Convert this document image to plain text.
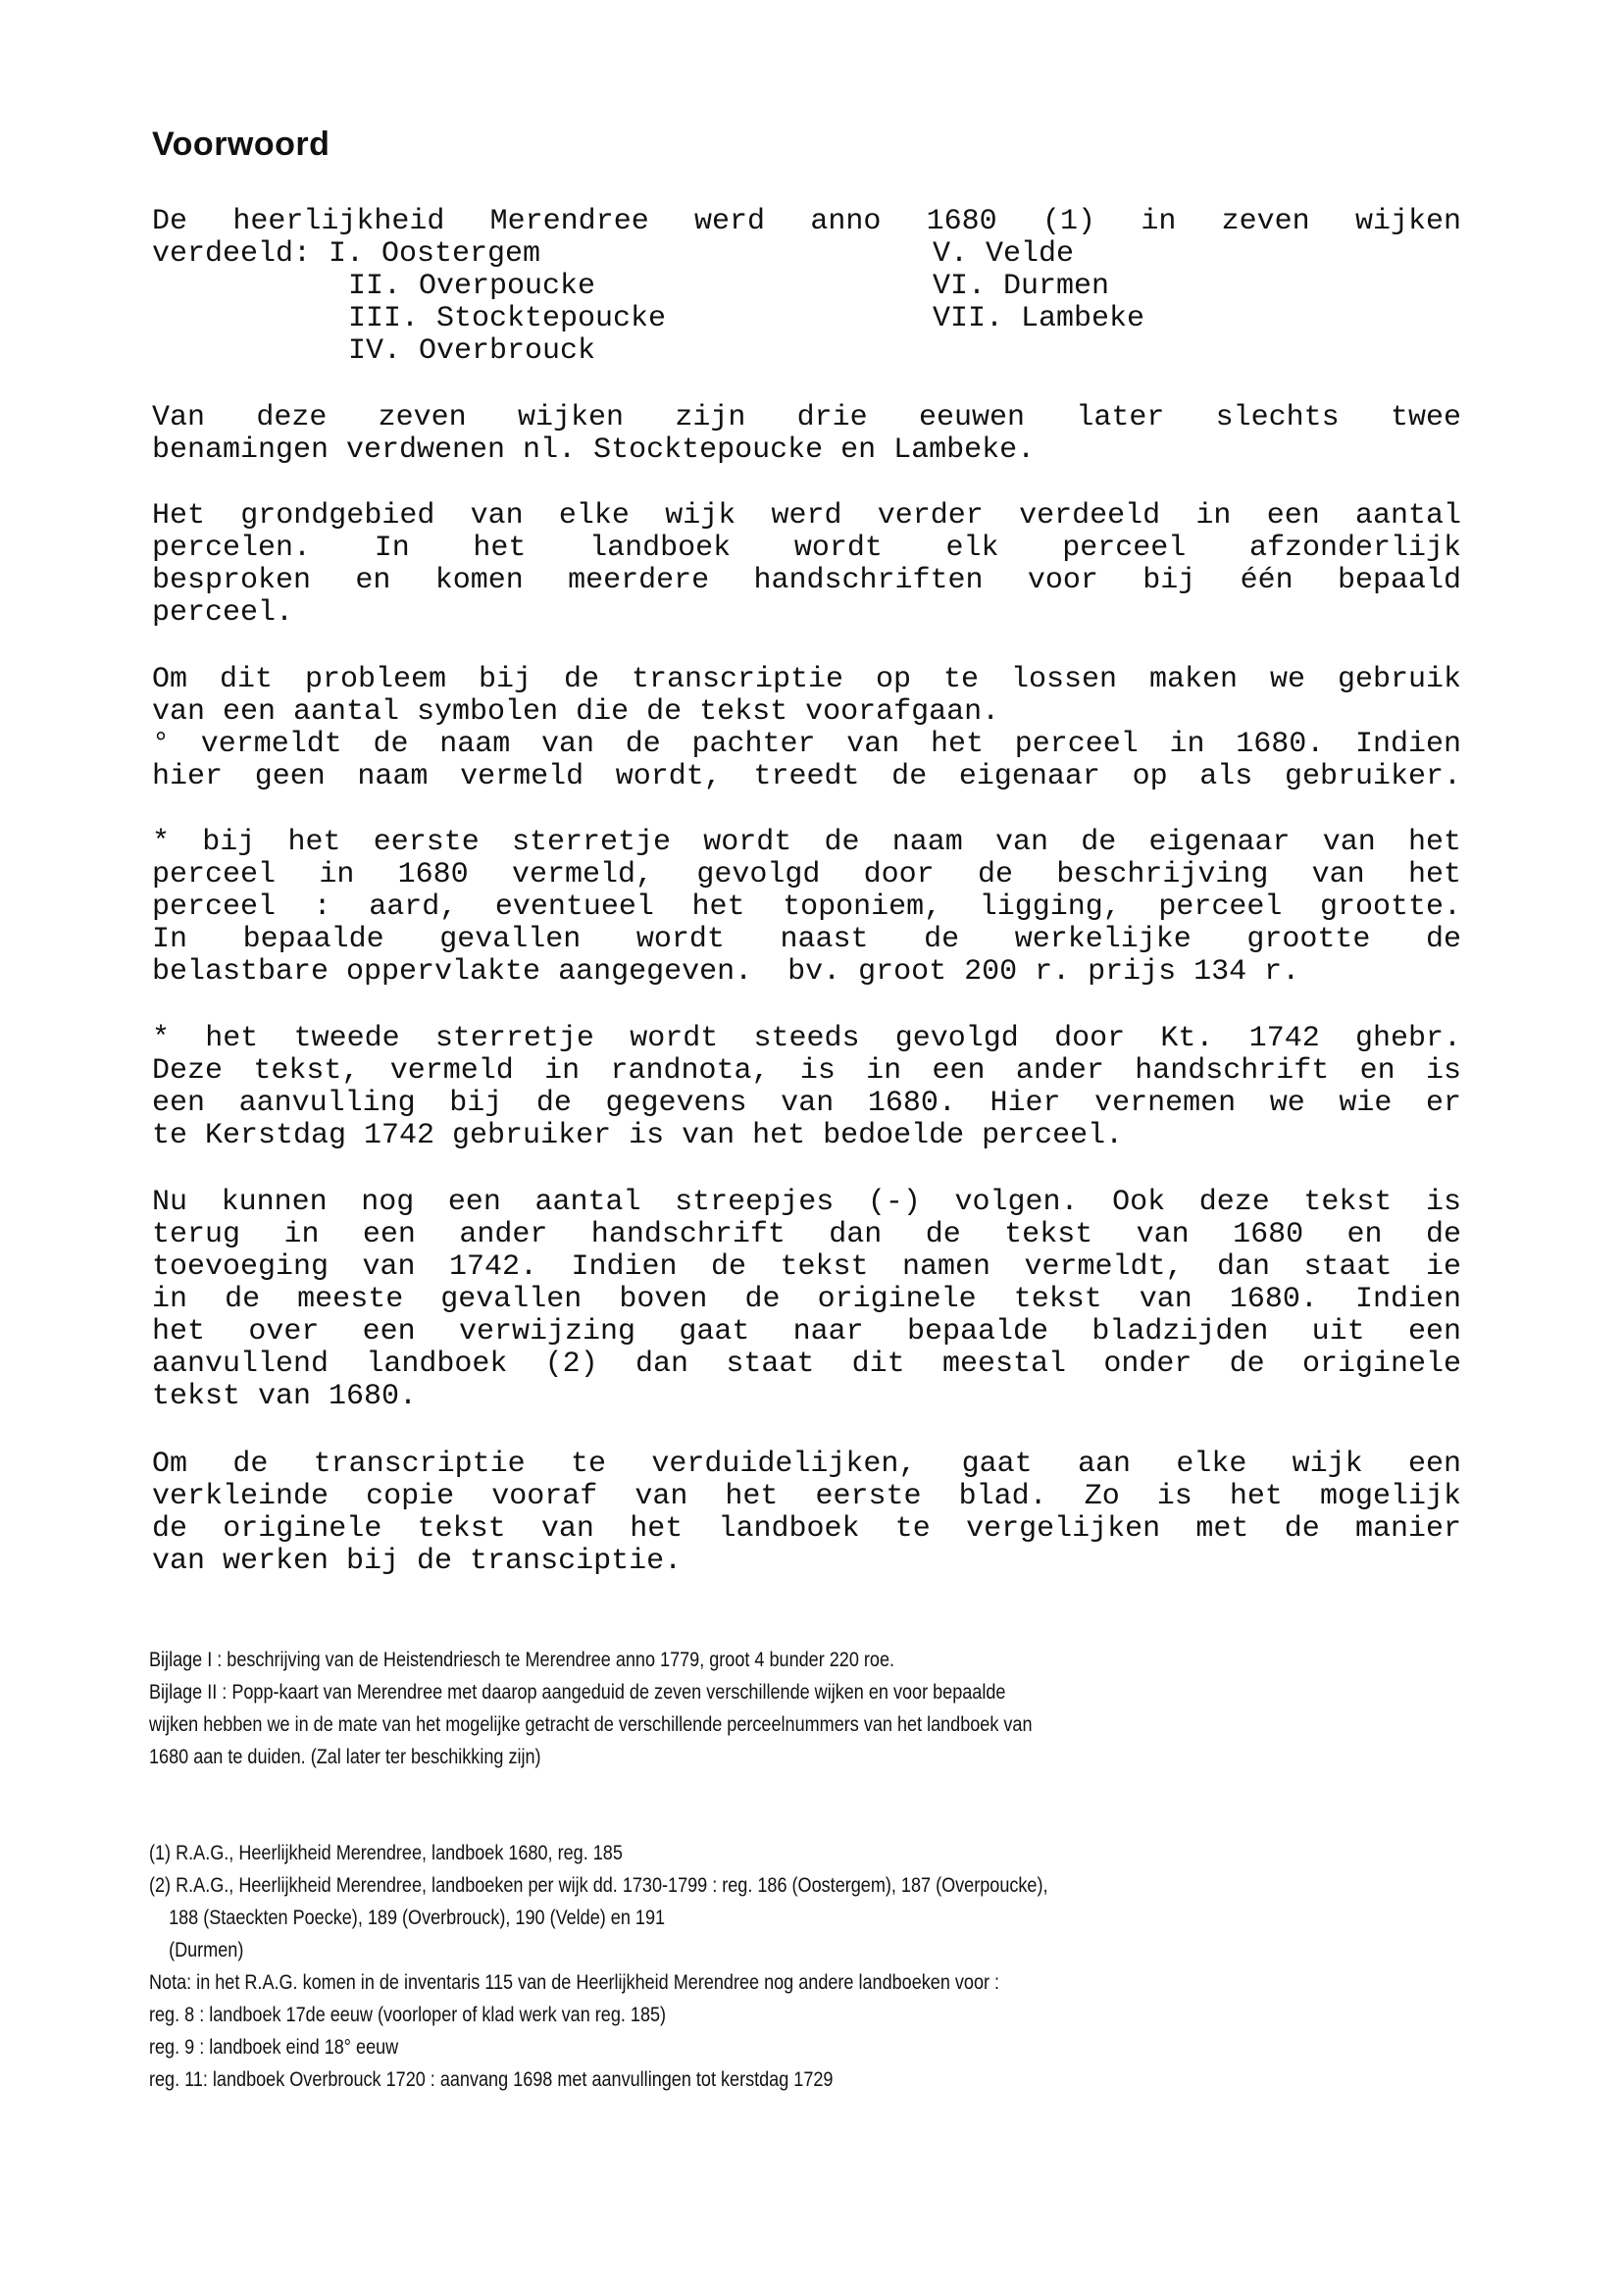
Voorwoord
De heerlijkheid Merendree werd anno 1680 (1) in zeven wijken
verdeeld: I. Oostergem
II. Overpoucke
III. Stocktepoucke
IV. Overbrouck
V. Velde
VI. Durmen
VII. Lambeke
Van deze zeven wijken zijn drie eeuwen later slechts twee
benamingen verdwenen nl. Stocktepoucke en Lambeke.
Het grondgebied van elke wijk werd verder verdeeld in een aantal
percelen. In het landboek wordt elk perceel afzonderlijk
besproken en komen meerdere handschriften voor bij één bepaald
perceel.
Om dit probleem bij de transcriptie op te lossen maken we gebruik
van een aantal symbolen die de tekst voorafgaan.
° vermeldt de naam van de pachter van het perceel in 1680. Indien
hier geen naam vermeld wordt, treedt de eigenaar op als gebruiker.
* bij het eerste sterretje wordt de naam van de eigenaar van het
perceel in 1680 vermeld, gevolgd door de beschrijving van het
perceel : aard, eventueel het toponiem, ligging, perceel grootte.
In bepaalde gevallen wordt naast de werkelijke grootte de
belastbare oppervlakte aangegeven.  bv. groot 200 r. prijs 134 r.
* het tweede sterretje wordt steeds gevolgd door Kt. 1742 ghebr.
Deze tekst, vermeld in randnota, is in een ander handschrift en is
een aanvulling bij de gegevens van 1680. Hier vernemen we wie er
te Kerstdag 1742 gebruiker is van het bedoelde perceel.
Nu kunnen nog een aantal streepjes (-) volgen. Ook deze tekst is
terug in een ander handschrift dan de tekst van 1680 en de
toevoeging van 1742. Indien de tekst namen vermeldt, dan staat ie
in de meeste gevallen boven de originele tekst van 1680. Indien
het over een verwijzing gaat naar bepaalde bladzijden uit een
aanvullend landboek (2) dan staat dit meestal onder de originele
tekst van 1680.
Om de transcriptie te verduidelijken, gaat aan elke wijk een
verkleinde copie vooraf van het eerste blad. Zo is het mogelijk
de originele tekst van het landboek te vergelijken met de manier
van werken bij de transciptie.
Bijlage I : beschrijving van de Heistendriesch te Merendree anno 1779, groot 4 bunder 220 roe.
Bijlage II : Popp-kaart van Merendree met daarop aangeduid de zeven verschillende wijken en voor bepaalde
wijken hebben we in de mate van het mogelijke getracht de verschillende perceelnummers van het landboek van
1680 aan te duiden. (Zal later ter beschikking zijn)
(1) R.A.G., Heerlijkheid Merendree, landboek 1680, reg. 185
(2) R.A.G., Heerlijkheid Merendree, landboeken per wijk dd. 1730-1799 : reg. 186 (Oostergem), 187 (Overpoucke),
188 (Staeckten Poecke), 189 (Overbrouck), 190 (Velde) en 191
(Durmen)
Nota: in het R.A.G. komen in de inventaris 115 van de Heerlijkheid Merendree nog andere landboeken voor :
reg. 8 : landboek 17de eeuw (voorloper of klad werk van reg. 185)
reg. 9 : landboek eind 18° eeuw
reg. 11: landboek Overbrouck 1720 : aanvang 1698 met aanvullingen tot kerstdag 1729
